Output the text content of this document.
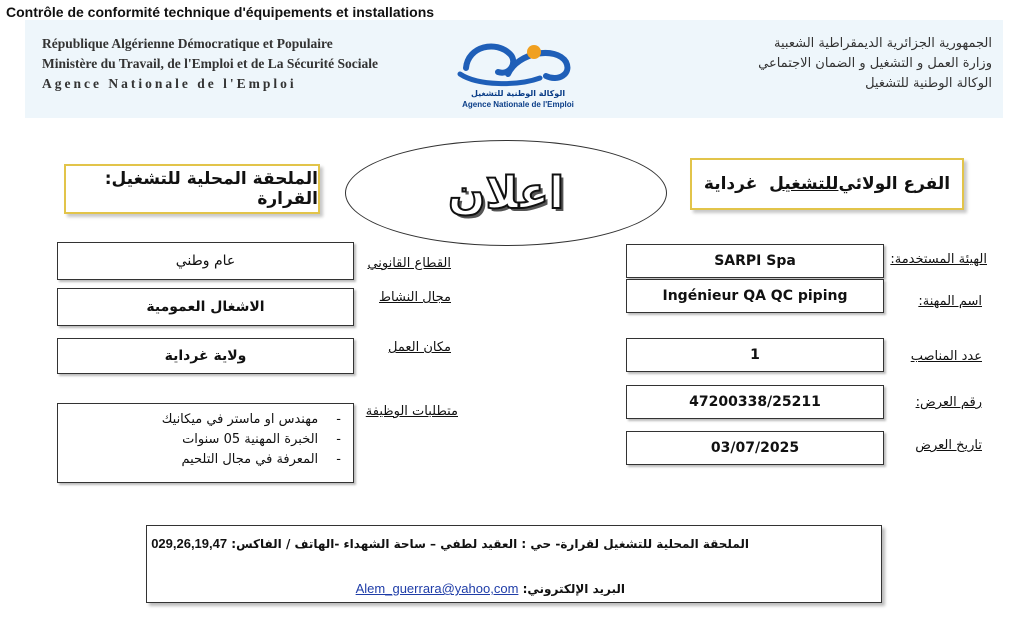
Contrôle de conformité technique d'équipements et installations
République Algérienne Démocratique et Populaire
Ministère du Travail, de l'Emploi et de La Sécurité Sociale
Agence Nationale de l'Emploi
الجمهورية الجزائرية الديمقراطية الشعبية
وزارة العمل و التشغيل و الضمان الاجتماعي
الوكالة الوطنية للتشغيل
الوكالة الوطنية للتشغيل
Agence Nationale de l'Emploi
الفرع الولائي
للتشغيل
غرداية
اعلان
الملحقة المحلية للتشغيل: القرارة
الهيئة المستخدمة:
SARPI Spa
اسم المهنة:
Ingénieur QA QC piping
عدد المناصب
1
رقم العرض:
47200338/25211
تاريخ العرض
03/07/2025
القطاع القانوني
عام وطني
مجال النشاط
الاشغال العمومية
مكان العمل
ولاية غرداية
متطلبات الوظيفة
- مهندس او ماستر في ميكانيك
- الخبرة المهنية 05 سنوات
- المعرفة في مجال التلحيم
الملحقة المحلية للتشغيل لقرارة- حي : العقيد لطفي – ساحة الشهداء -الهاتف / الفاكس: 029,26,19,47
البريد الإلكتروني: Alem_guerrara@yahoo,com
